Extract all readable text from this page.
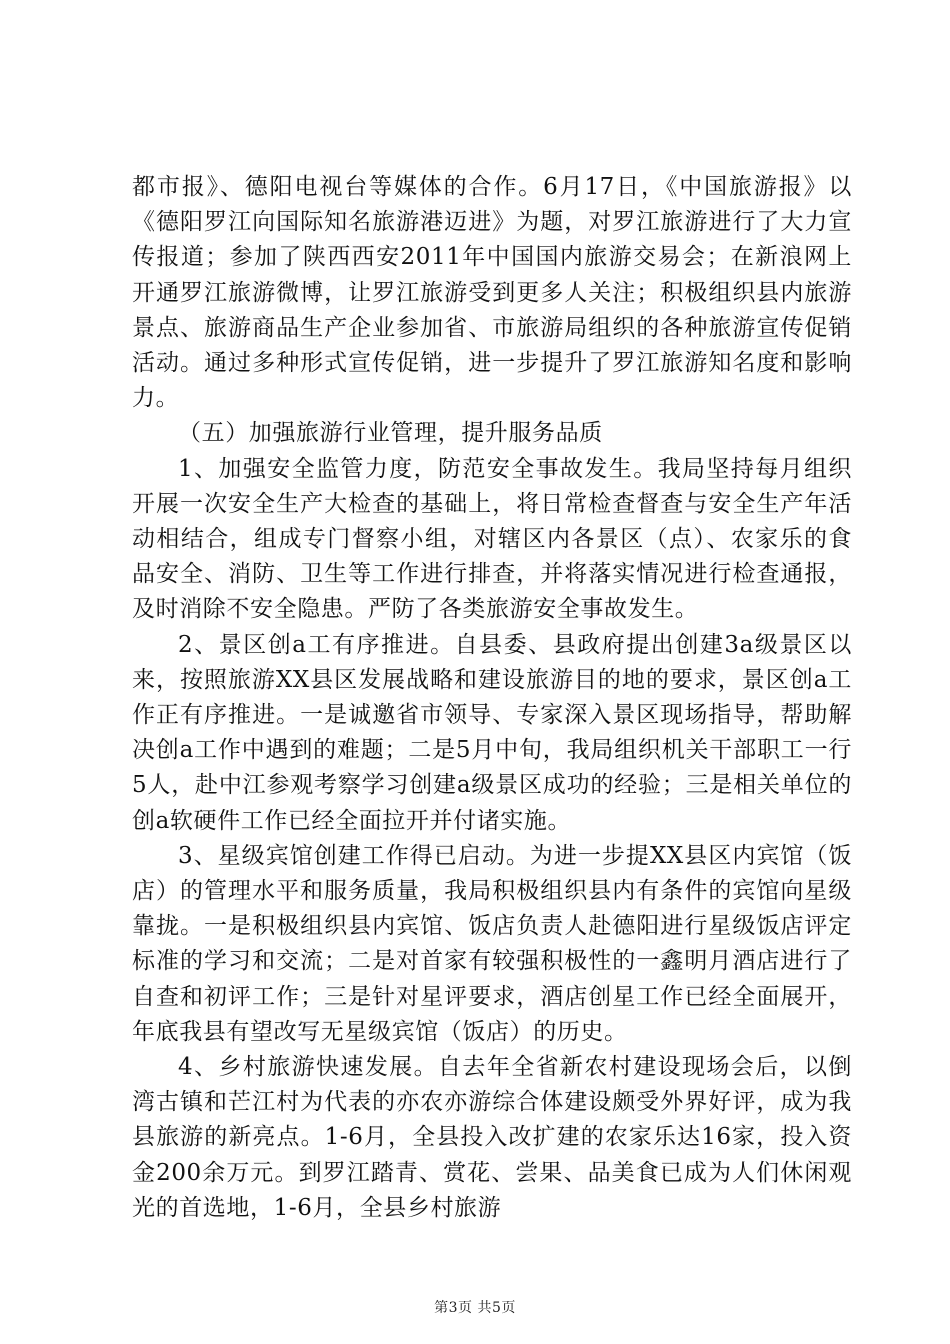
都市报》、德阳电视台等媒体的合作。6月17日，《中国旅游报》以《德阳罗江向国际知名旅游港迈进》为题，对罗江旅游进行了大力宣传报道；参加了陕西西安2011年中国国内旅游交易会；在新浪网上开通罗江旅游微博，让罗江旅游受到更多人关注；积极组织县内旅游景点、旅游商品生产企业参加省、市旅游局组织的各种旅游宣传促销活动。通过多种形式宣传促销，进一步提升了罗江旅游知名度和影响力。

（五）加强旅游行业管理，提升服务品质

1、加强安全监管力度，防范安全事故发生。我局坚持每月组织开展一次安全生产大检查的基础上，将日常检查督查与安全生产年活动相结合，组成专门督察小组，对辖区内各景区（点）、农家乐的食品安全、消防、卫生等工作进行排查，并将落实情况进行检查通报，及时消除不安全隐患。严防了各类旅游安全事故发生。

2、景区创a工有序推进。自县委、县政府提出创建3a级景区以来，按照旅游XX县区发展战略和建设旅游目的地的要求，景区创a工作正有序推进。一是诚邀省市领导、专家深入景区现场指导，帮助解决创a工作中遇到的难题；二是5月中旬，我局组织机关干部职工一行5人，赴中江参观考察学习创建a级景区成功的经验；三是相关单位的创a软硬件工作已经全面拉开并付诸实施。

3、星级宾馆创建工作得已启动。为进一步提XX县区内宾馆（饭店）的管理水平和服务质量，我局积极组织县内有条件的宾馆向星级靠拢。一是积极组织县内宾馆、饭店负责人赴德阳进行星级饭店评定标准的学习和交流；二是对首家有较强积极性的一鑫明月酒店进行了自查和初评工作；三是针对星评要求，酒店创星工作已经全面展开，年底我县有望改写无星级宾馆（饭店）的历史。

4、乡村旅游快速发展。自去年全省新农村建设现场会后，以倒湾古镇和芒江村为代表的亦农亦游综合体建设颇受外界好评，成为我县旅游的新亮点。1-6月，全县投入改扩建的农家乐达16家，投入资金200余万元。到罗江踏青、赏花、尝果、品美食已成为人们休闲观光的首选地，1-6月，全县乡村旅游

第3页 共5页
